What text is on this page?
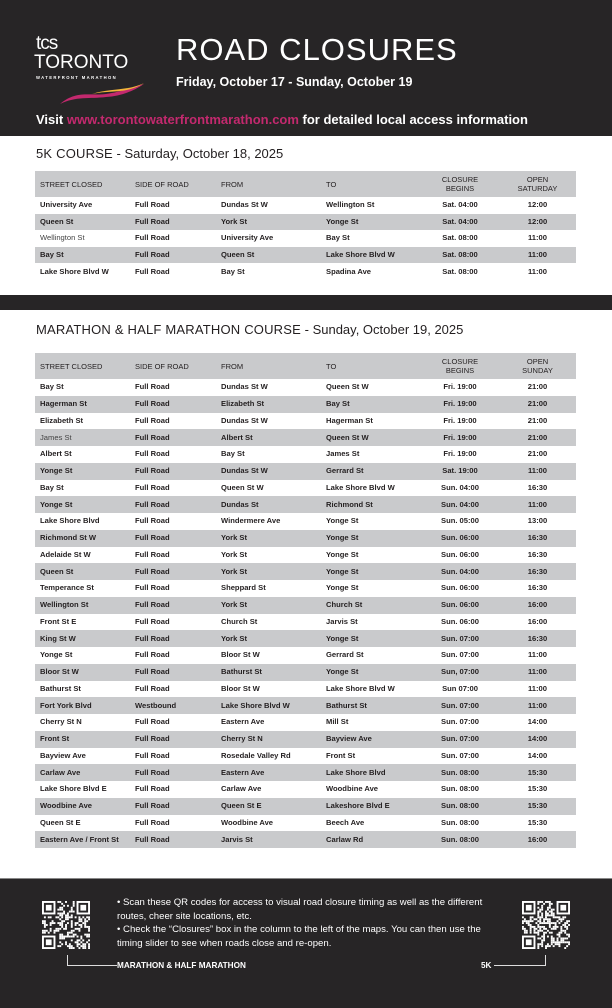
tcs
TORONTO
WATERFRONT MARATHON
ROAD CLOSURES
Friday, October 17 - Sunday, October 19
Visit www.torontowaterfrontmarathon.com for detailed local access information
5K COURSE - Saturday, October 18, 2025
STREET CLOSED	SIDE OF ROAD	FROM	TO	CLOSURE BEGINS	OPEN SATURDAY
University Ave	Full Road	Dundas St W	Wellington St	Sat. 04:00	12:00
Queen St	Full Road	York St	Yonge St	Sat. 04:00	12:00
Wellington St	Full Road	University Ave	Bay St	Sat. 08:00	11:00
Bay St	Full Road	Queen St	Lake Shore Blvd W	Sat. 08:00	11:00
Lake Shore Blvd W	Full Road	Bay St	Spadina Ave	Sat. 08:00	11:00
MARATHON & HALF MARATHON COURSE - Sunday, October 19, 2025
STREET CLOSED	SIDE OF ROAD	FROM	TO	CLOSURE BEGINS	OPEN SUNDAY
Bay St	Full Road	Dundas St W	Queen St W	Fri. 19:00	21:00
Hagerman St	Full Road	Elizabeth St	Bay St	Fri. 19:00	21:00
Elizabeth St	Full Road	Dundas St W	Hagerman St	Fri. 19:00	21:00
James St	Full Road	Albert St	Queen St W	Fri. 19:00	21:00
Albert St	Full Road	Bay St	James St	Fri. 19:00	21:00
Yonge St	Full Road	Dundas St W	Gerrard St	Sat. 19:00	11:00
Bay St	Full Road	Queen St W	Lake Shore Blvd W	Sun. 04:00	16:30
Yonge St	Full Road	Dundas St	Richmond St	Sun. 04:00	11:00
Lake Shore Blvd	Full Road	Windermere Ave	Yonge St	Sun. 05:00	13:00
Richmond St W	Full Road	York St	Yonge St	Sun. 06:00	16:30
Adelaide St W	Full Road	York St	Yonge St	Sun. 06:00	16:30
Queen St	Full Road	York St	Yonge St	Sun. 04:00	16:30
Temperance St	Full Road	Sheppard St	Yonge St	Sun. 06:00	16:30
Wellington St	Full Road	York St	Church St	Sun. 06:00	16:00
Front St E	Full Road	Church St	Jarvis St	Sun. 06:00	16:00
King St W	Full Road	York St	Yonge St	Sun. 07:00	16:30
Yonge St	Full Road	Bloor St W	Gerrard St	Sun. 07:00	11:00
Bloor St W	Full Road	Bathurst St	Yonge St	Sun, 07:00	11:00
Bathurst St	Full Road	Bloor St W	Lake Shore Blvd W	Sun 07:00	11:00
Fort York Blvd	Westbound	Lake Shore Blvd W	Bathurst St	Sun. 07:00	11:00
Cherry St N	Full Road	Eastern Ave	Mill St	Sun. 07:00	14:00
Front St	Full Road	Cherry St N	Bayview Ave	Sun. 07:00	14:00
Bayview Ave	Full Road	Rosedale Valley Rd	Front St	Sun. 07:00	14:00
Carlaw Ave	Full Road	Eastern Ave	Lake Shore Blvd	Sun. 08:00	15:30
Lake Shore Blvd E	Full Road	Carlaw Ave	Woodbine Ave	Sun. 08:00	15:30
Woodbine Ave	Full Road	Queen St E	Lakeshore Blvd E	Sun. 08:00	15:30
Queen St E	Full Road	Woodbine Ave	Beech Ave	Sun. 08:00	15:30
Eastern Ave / Front St	Full Road	Jarvis St	Carlaw Rd	Sun. 08:00	16:00

• Scan these QR codes for access to visual road closure timing as well as the different routes, cheer site locations, etc.

• Check the “Closures” box in the column to the left of the maps. You can then use the timing slider to see when roads close and re-open.

MARATHON & HALF MARATHON	5K
